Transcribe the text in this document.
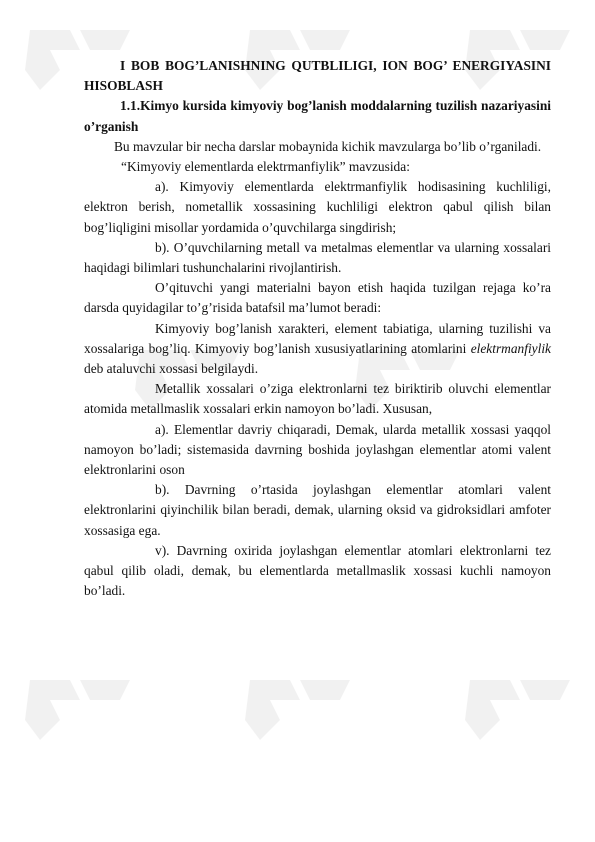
I BOB BOG’LANISHNING QUTBLILIGI, ION BOG’ ENERGIYASINI HISOBLASH

1.1.Kimyo kursida kimyoviy bog’lanish moddalarning tuzilish nazariyasini o’rganish

Bu mavzular bir necha darslar mobaynida kichik mavzularga bo’lib o’rganiladi.

“Kimyoviy elementlarda elektrmanfiylik” mavzusida:

a). Kimyoviy elementlarda elektrmanfiylik hodisasining kuchliligi, elektron berish, nometallik xossasining kuchliligi elektron qabul qilish bilan bog’liqligini misollar yordamida o’quvchilarga singdirish;

b). O’quvchilarning metall va metalmas elementlar va ularning xossalari haqidagi bilimlari tushunchalarini rivojlantirish.

O’qituvchi yangi materialni bayon etish haqida tuzilgan rejaga ko’ra darsda quyidagilar to’g’risida batafsil ma’lumot beradi:

Kimyoviy bog’lanish xarakteri, element tabiatiga, ularning tuzilishi va xossalariga bog’liq. Kimyoviy bog’lanish xususiyatlarining atomlarini elektrmanfiylik deb ataluvchi xossasi belgilaydi.

Metallik xossalari o’ziga elektronlarni tez biriktirib oluvchi elementlar atomida metallmaslik xossalari erkin namoyon bo’ladi. Xususan,

a). Elementlar davriy chiqaradi, Demak, ularda metallik xossasi yaqqol namoyon bo’ladi; sistemasida davrning boshida joylashgan elementlar atomi valent elektronlarini oson

b). Davrning o’rtasida joylashgan elementlar atomlari valent elektronlarini qiyinchilik bilan beradi, demak, ularning oksid va gidroksidlari amfoter xossasiga ega.

v). Davrning oxirida joylashgan elementlar atomlari elektronlarni tez qabul qilib oladi, demak, bu elementlarda metallmaslik xossasi kuchli namoyon bo’ladi.
